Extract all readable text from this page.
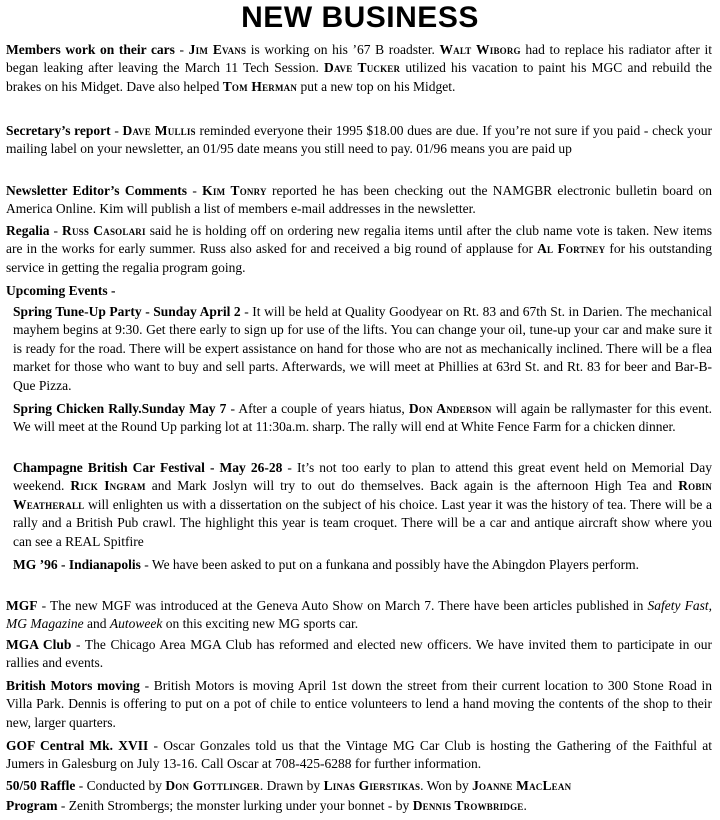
NEW BUSINESS
Members work on their cars - Jim Evans is working on his ’67 B roadster. Walt Wiborg had to replace his radiator after it began leaking after leaving the March 11 Tech Session. Dave Tucker utilized his vacation to paint his MGC and rebuild the brakes on his Midget. Dave also helped Tom Herman put a new top on his Midget.
Secretary’s report - Dave Mullis reminded everyone their 1995 $18.00 dues are due. If you’re not sure if you paid - check your mailing label on your newsletter, an 01/95 date means you still need to pay. 01/96 means you are paid up
Newsletter Editor’s Comments - Kim Tonry reported he has been checking out the NAMGBR electronic bulletin board on America Online. Kim will publish a list of members e-mail addresses in the newsletter.
Regalia - Russ Casolari said he is holding off on ordering new regalia items until after the club name vote is taken. New items are in the works for early summer. Russ also asked for and received a big round of applause for Al Fortney for his outstanding service in getting the regalia program going.
Upcoming Events -
Spring Tune-Up Party - Sunday April 2 - It will be held at Quality Goodyear on Rt. 83 and 67th St. in Darien. The mechanical mayhem begins at 9:30. Get there early to sign up for use of the lifts. You can change your oil, tune-up your car and make sure it is ready for the road. There will be expert assistance on hand for those who are not as mechanically inclined. There will be a flea market for those who want to buy and sell parts. Afterwards, we will meet at Phillies at 63rd St. and Rt. 83 for beer and Bar-B-Que Pizza.
Spring Chicken Rally.Sunday May 7 - After a couple of years hiatus, Don Anderson will again be rallymaster for this event. We will meet at the Round Up parking lot at 11:30a.m. sharp. The rally will end at White Fence Farm for a chicken dinner.
Champagne British Car Festival - May 26-28 - It’s not too early to plan to attend this great event held on Memorial Day weekend. Rick Ingram and Mark Joslyn will try to out do themselves. Back again is the afternoon High Tea and Robin Weatherall will enlighten us with a dissertation on the subject of his choice. Last year it was the history of tea. There will be a rally and a British Pub crawl. The highlight this year is team croquet. There will be a car and antique aircraft show where you can see a REAL Spitfire
MG ’96 - Indianapolis - We have been asked to put on a funkana and possibly have the Abingdon Players perform.
MGF - The new MGF was introduced at the Geneva Auto Show on March 7. There have been articles published in Safety Fast, MG Magazine and Autoweek on this exciting new MG sports car.
MGA Club - The Chicago Area MGA Club has reformed and elected new officers. We have invited them to participate in our rallies and events.
British Motors moving - British Motors is moving April 1st down the street from their current location to 300 Stone Road in Villa Park. Dennis is offering to put on a pot of chile to entice volunteers to lend a hand moving the contents of the shop to their new, larger quarters.
GOF Central Mk. XVII - Oscar Gonzales told us that the Vintage MG Car Club is hosting the Gathering of the Faithful at Jumers in Galesburg on July 13-16. Call Oscar at 708-425-6288 for further information.
50/50 Raffle - Conducted by Don Gottlinger. Drawn by Linas Gierstikas. Won by Joanne MacLean
Program - Zenith Strombergs; the monster lurking under your bonnet - by Dennis Trowbridge.
